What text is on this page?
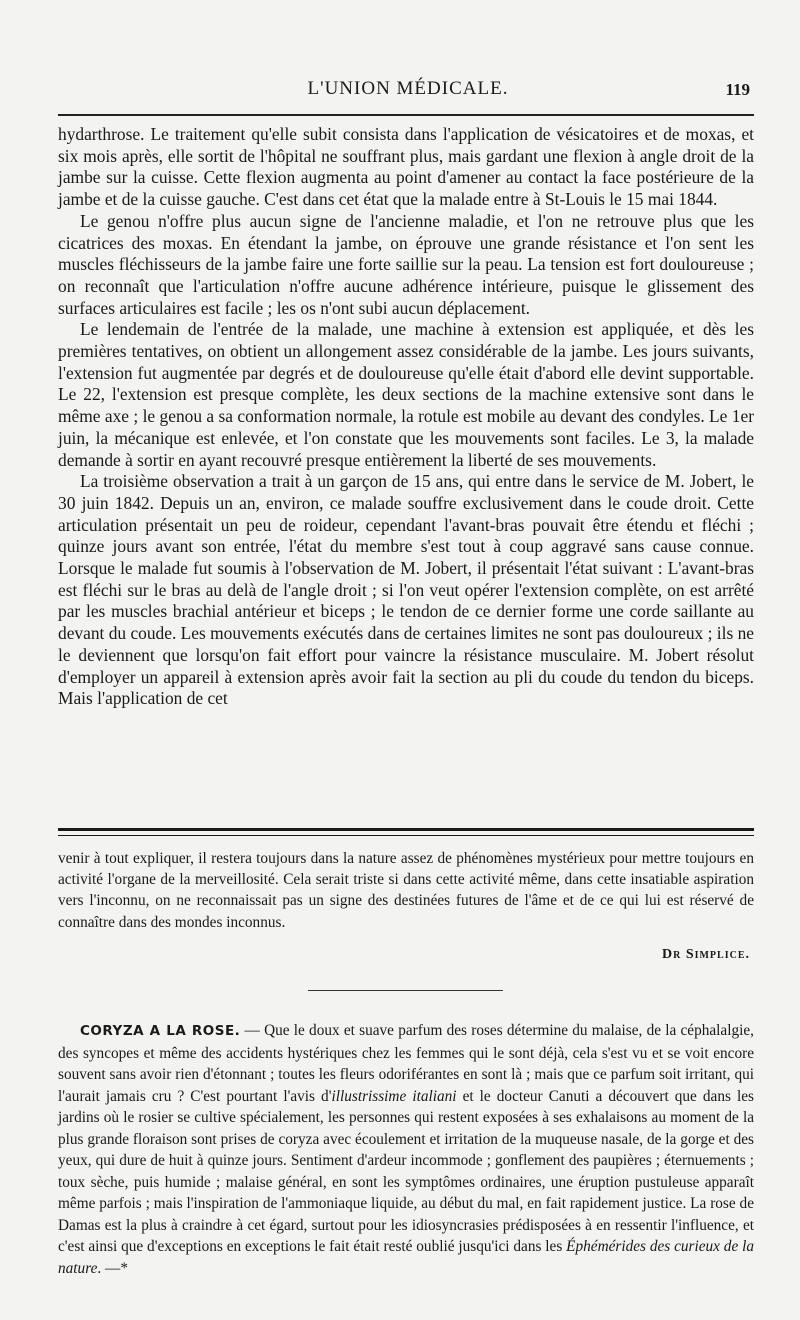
L'UNION MÉDICALE.	119

hydarthrose. Le traitement qu'elle subit consista dans l'application de vésicatoires et de moxas, et six mois après, elle sortit de l'hôpital ne souffrant plus, mais gardant une flexion à angle droit de la jambe sur la cuisse. Cette flexion augmenta au point d'amener au contact la face postérieure de la jambe et de la cuisse gauche. C'est dans cet état que la malade entre à St-Louis le 15 mai 1844.

Le genou n'offre plus aucun signe de l'ancienne maladie, et l'on ne retrouve plus que les cicatrices des moxas. En étendant la jambe, on éprouve une grande résistance et l'on sent les muscles fléchisseurs de la jambe faire une forte saillie sur la peau. La tension est fort douloureuse ; on reconnaît que l'articulation n'offre aucune adhérence intérieure, puisque le glissement des surfaces articulaires est facile ; les os n'ont subi aucun déplacement.

Le lendemain de l'entrée de la malade, une machine à extension est appliquée, et dès les premières tentatives, on obtient un allongement assez considérable de la jambe. Les jours suivants, l'extension fut augmentée par degrés et de douloureuse qu'elle était d'abord elle devint supportable. Le 22, l'extension est presque complète, les deux sections de la machine extensive sont dans le même axe ; le genou a sa conformation normale, la rotule est mobile au devant des condyles. Le 1er juin, la mécanique est enlevée, et l'on constate que les mouvements sont faciles. Le 3, la malade demande à sortir en ayant recouvré presque entièrement la liberté de ses mouvements.

La troisième observation a trait à un garçon de 15 ans, qui entre dans le service de M. Jobert, le 30 juin 1842. Depuis un an, environ, ce malade souffre exclusivement dans le coude droit. Cette articulation présentait un peu de roideur, cependant l'avant-bras pouvait être étendu et fléchi ; quinze jours avant son entrée, l'état du membre s'est tout à coup aggravé sans cause connue. Lorsque le malade fut soumis à l'observation de M. Jobert, il présentait l'état suivant : L'avant-bras est fléchi sur le bras au delà de l'angle droit ; si l'on veut opérer l'extension complète, on est arrêté par les muscles brachial antérieur et biceps ; le tendon de ce dernier forme une corde saillante au devant du coude. Les mouvements exécutés dans de certaines limites ne sont pas douloureux ; ils ne le deviennent que lorsqu'on fait effort pour vaincre la résistance musculaire. M. Jobert résolut d'employer un appareil à extension après avoir fait la section au pli du coude du tendon du biceps. Mais l'application de cet

venir à tout expliquer, il restera toujours dans la nature assez de phénomènes mystérieux pour mettre toujours en activité l'organe de la merveillosité. Cela serait triste si dans cette activité même, dans cette insatiable aspiration vers l'inconnu, on ne reconnaissait pas un signe des destinées futures de l'âme et de ce qui lui est réservé de connaître dans des mondes inconnus.

Dr Simplice.

CORYZA A LA ROSE. — Que le doux et suave parfum des roses détermine du malaise, de la céphalalgie, des syncopes et même des accidents hystériques chez les femmes qui le sont déjà, cela s'est vu et se voit encore souvent sans avoir rien d'étonnant ; toutes les fleurs odoriférantes en sont là ; mais que ce parfum soit irritant, qui l'aurait jamais cru ? C'est pourtant l'avis d'illustrissime italiani et le docteur Canuti a découvert que dans les jardins où le rosier se cultive spécialement, les personnes qui restent exposées à ses exhalaisons au moment de la plus grande floraison sont prises de coryza avec écoulement et irritation de la muqueuse nasale, de la gorge et des yeux, qui dure de huit à quinze jours. Sentiment d'ardeur incommode ; gonflement des paupières ; éternuements ; toux sèche, puis humide ; malaise général, en sont les symptômes ordinaires, une éruption pustuleuse apparaît même parfois ; mais l'inspiration de l'ammoniaque liquide, au début du mal, en fait rapidement justice. La rose de Damas est la plus à craindre à cet égard, surtout pour les idiosyncrasies prédisposées à en ressentir l'influence, et c'est ainsi que d'exceptions en exceptions le fait était resté oublié jusqu'ici dans les Éphémérides des curieux de la nature. —*
